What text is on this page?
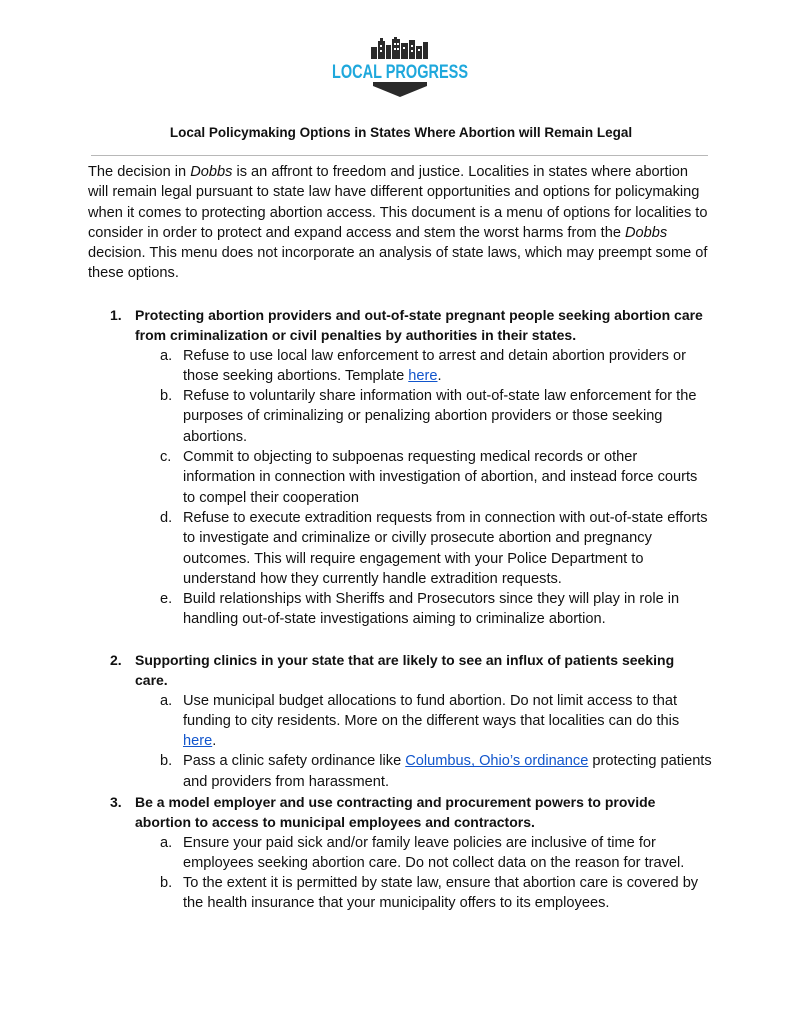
LOCAL PROGRESS
Local Policymaking Options in States Where Abortion will Remain Legal

The decision in Dobbs is an affront to freedom and justice. Localities in states where abortion will remain legal pursuant to state law have different opportunities and options for policymaking when it comes to protecting abortion access. This document is a menu of options for localities to consider in order to protect and expand access and stem the worst harms from the Dobbs decision. This menu does not incorporate an analysis of state laws, which may preempt some of these options.

1. Protecting abortion providers and out-of-state pregnant people seeking abortion care from criminalization or civil penalties by authorities in their states.
a. Refuse to use local law enforcement to arrest and detain abortion providers or those seeking abortions. Template here.
b. Refuse to voluntarily share information with out-of-state law enforcement for the purposes of criminalizing or penalizing abortion providers or those seeking abortions.
c. Commit to objecting to subpoenas requesting medical records or other information in connection with investigation of abortion, and instead force courts to compel their cooperation
d. Refuse to execute extradition requests from in connection with out-of-state efforts to investigate and criminalize or civilly prosecute abortion and pregnancy outcomes. This will require engagement with your Police Department to understand how they currently handle extradition requests.
e. Build relationships with Sheriffs and Prosecutors since they will play in role in handling out-of-state investigations aiming to criminalize abortion.
2. Supporting clinics in your state that are likely to see an influx of patients seeking care.
a. Use municipal budget allocations to fund abortion. Do not limit access to that funding to city residents. More on the different ways that localities can do this here.
b. Pass a clinic safety ordinance like Columbus, Ohio’s ordinance protecting patients and providers from harassment.
3. Be a model employer and use contracting and procurement powers to provide abortion to access to municipal employees and contractors.
a. Ensure your paid sick and/or family leave policies are inclusive of time for employees seeking abortion care. Do not collect data on the reason for travel.
b. To the extent it is permitted by state law, ensure that abortion care is covered by the health insurance that your municipality offers to its employees.
